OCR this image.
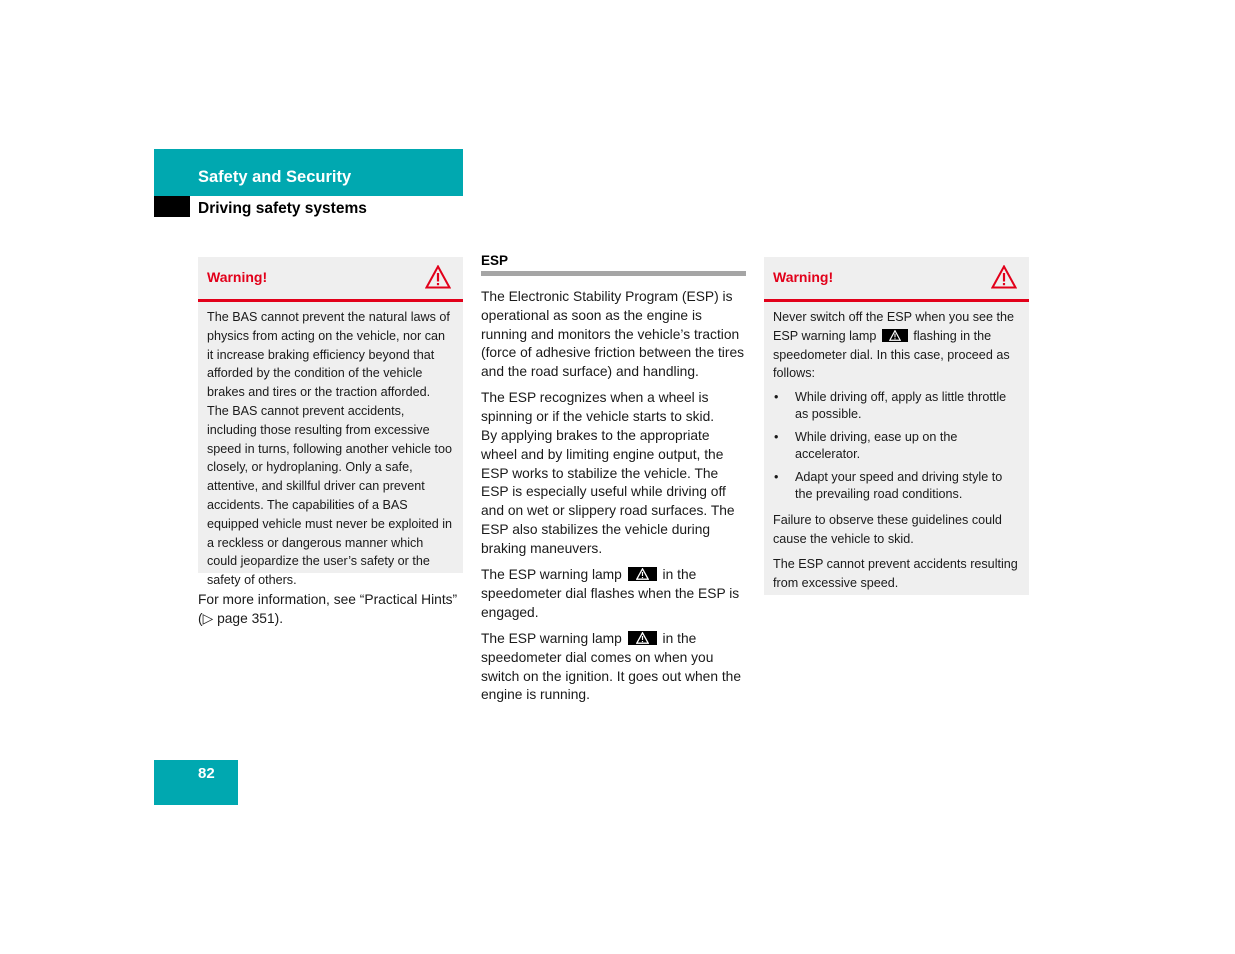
Safety and Security
Driving safety systems
Warning!

The BAS cannot prevent the natural laws of physics from acting on the vehicle, nor can it increase braking efficiency beyond that afforded by the condition of the vehicle brakes and tires or the traction afforded.

The BAS cannot prevent accidents, including those resulting from excessive speed in turns, following another vehicle too closely, or hydroplaning. Only a safe, attentive, and skillful driver can prevent accidents. The capabilities of a BAS equipped vehicle must never be exploited in a reckless or dangerous manner which could jeopardize the user’s safety or the safety of others.

For more information, see “Practical Hints” (▷ page 351).
ESP

The Electronic Stability Program (ESP) is operational as soon as the engine is running and monitors the vehicle’s traction (force of adhesive friction between the tires and the road surface) and handling.

The ESP recognizes when a wheel is spinning or if the vehicle starts to skid.

By applying brakes to the appropriate wheel and by limiting engine output, the ESP works to stabilize the vehicle. The ESP is especially useful while driving off and on wet or slippery road surfaces. The ESP also stabilizes the vehicle during braking maneuvers.

The ESP warning lamp	in the speedometer dial flashes when the ESP is engaged.

The ESP warning lamp	in the speedometer dial comes on when you switch on the ignition. It goes out when the engine is running.

Warning!

Never switch off the ESP when you see the ESP warning lamp	flashing in the speedometer dial. In this case, proceed as follows:

• While driving off, apply as little throttle as possible.
• While driving, ease up on the accelerator.
• Adapt your speed and driving style to the prevailing road conditions.

Failure to observe these guidelines could cause the vehicle to skid.

The ESP cannot prevent accidents resulting from excessive speed.

82
